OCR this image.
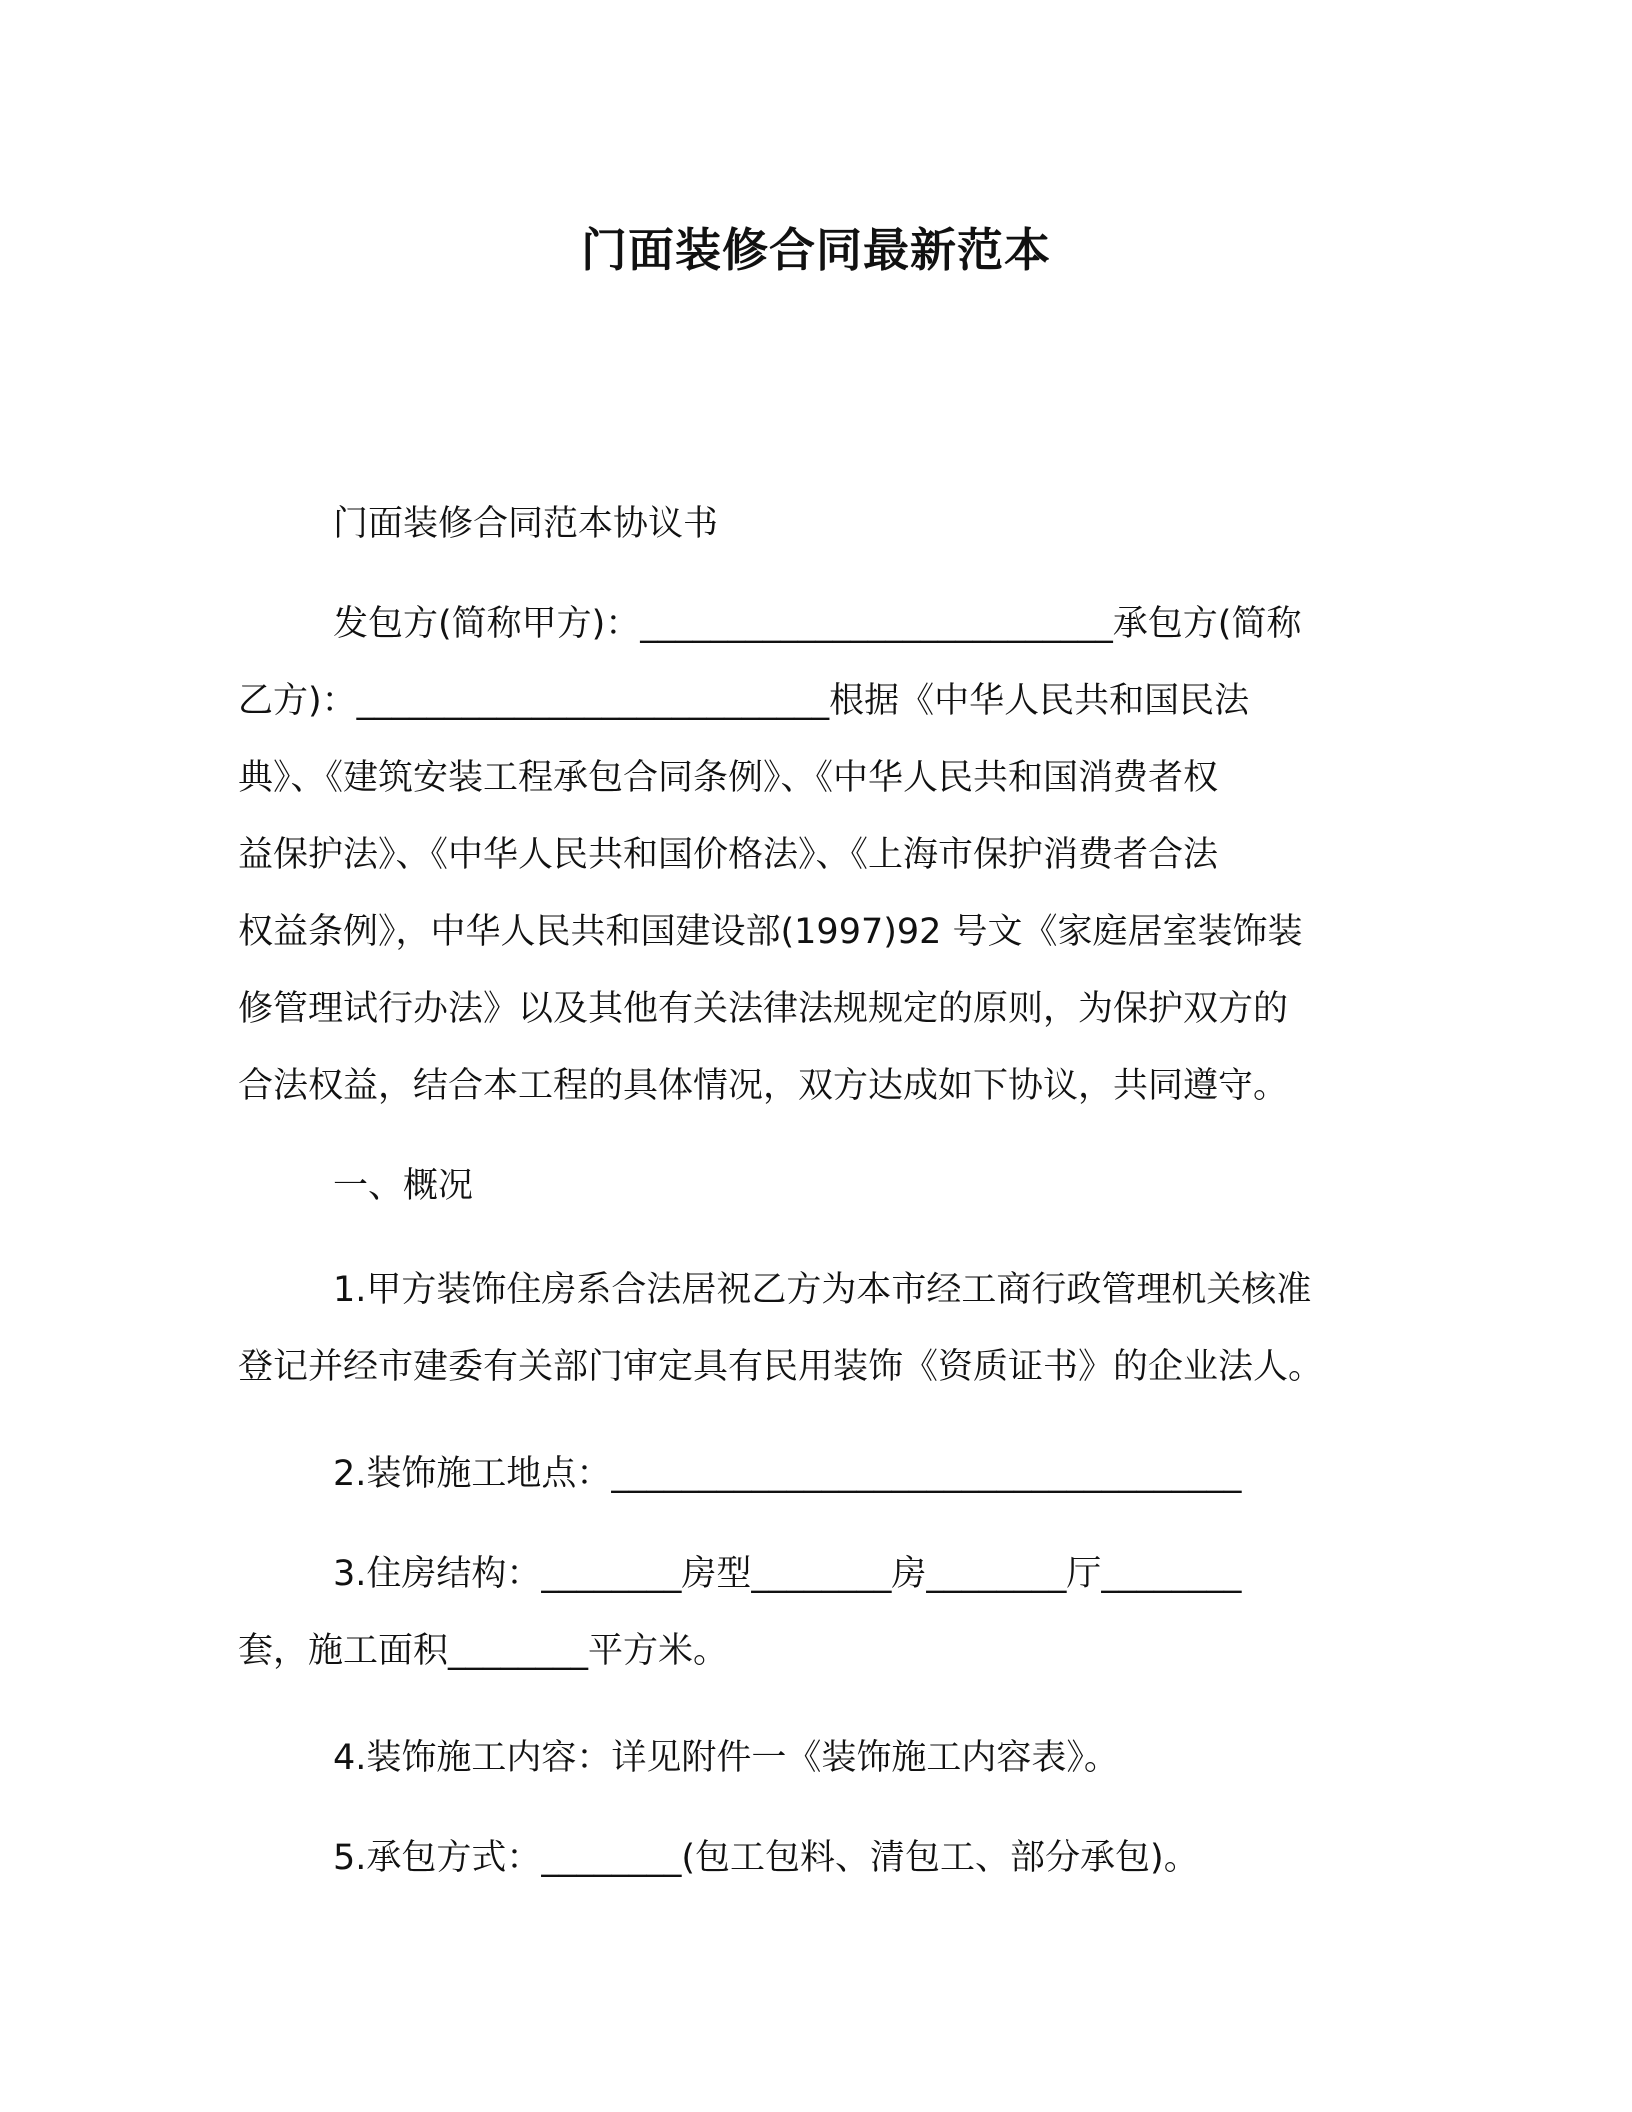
门面装修合同最新范本
门面装修合同范本协议书
发包方(简称甲方)：___________________________承包方(简称
乙方)：___________________________根据《中华人民共和国民法
典》、《建筑安装工程承包合同条例》、《中华人民共和国消费者权
益保护法》、《中华人民共和国价格法》、《上海市保护消费者合法
权益条例》，中华人民共和国建设部(1997)92 号文《家庭居室装饰装
修管理试行办法》以及其他有关法律法规规定的原则，为保护双方的
合法权益，结合本工程的具体情况，双方达成如下协议，共同遵守。
一、概况
1.甲方装饰住房系合法居祝乙方为本市经工商行政管理机关核准
登记并经市建委有关部门审定具有民用装饰《资质证书》的企业法人。
2.装饰施工地点：____________________________________
3.住房结构：________房型________房________厅________
套，施工面积________平方米。
4.装饰施工内容：详见附件一《装饰施工内容表》。
5.承包方式：________(包工包料、清包工、部分承包)。
